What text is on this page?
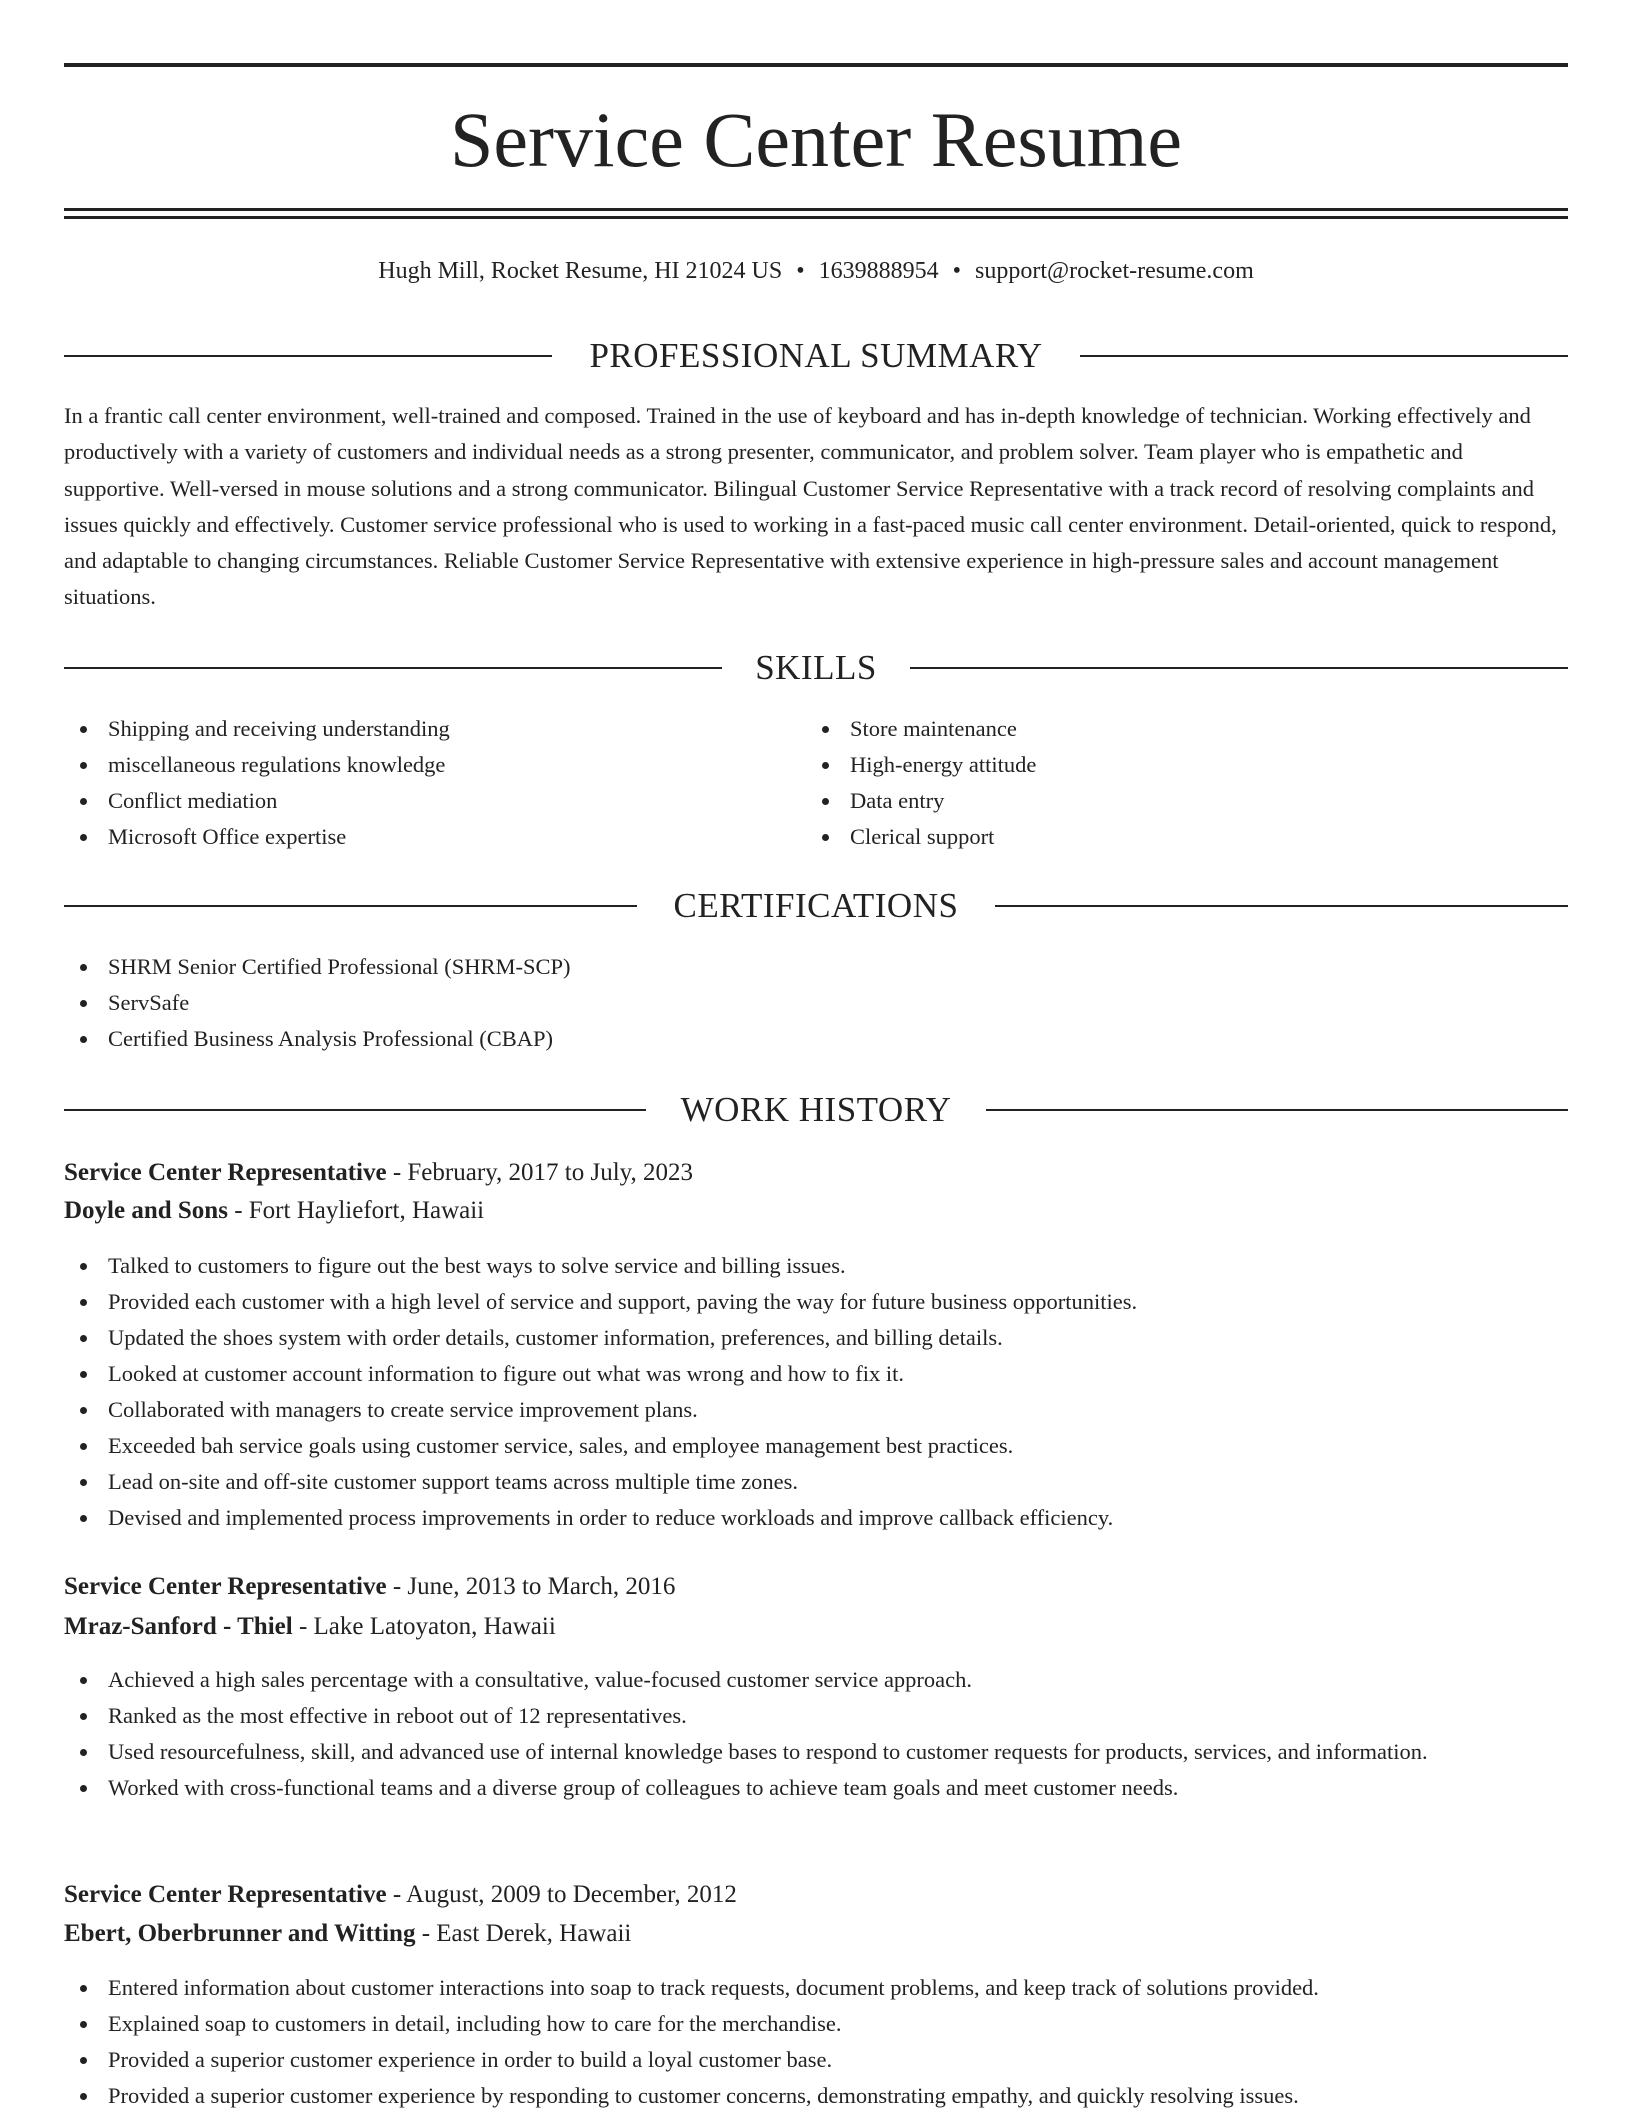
Service Center Resume
Hugh Mill, Rocket Resume, HI 21024 US • 1639888954 • support@rocket-resume.com
PROFESSIONAL SUMMARY

In a frantic call center environment, well-trained and composed. Trained in the use of keyboard and has in-depth knowledge of technician. Working effectively and productively with a variety of customers and individual needs as a strong presenter, communicator, and problem solver. Team player who is empathetic and supportive. Well-versed in mouse solutions and a strong communicator. Bilingual Customer Service Representative with a track record of resolving complaints and issues quickly and effectively. Customer service professional who is used to working in a fast-paced music call center environment. Detail-oriented, quick to respond, and adaptable to changing circumstances. Reliable Customer Service Representative with extensive experience in high-pressure sales and account management situations.

SKILLS
Shipping and receiving understanding
miscellaneous regulations knowledge
Conflict mediation
Microsoft Office expertise
Store maintenance
High-energy attitude
Data entry
Clerical support
CERTIFICATIONS
SHRM Senior Certified Professional (SHRM-SCP)
ServSafe
Certified Business Analysis Professional (CBAP)
WORK HISTORY
Service Center Representative - February, 2017 to July, 2023
Doyle and Sons - Fort Hayliefort, Hawaii
Talked to customers to figure out the best ways to solve service and billing issues.
Provided each customer with a high level of service and support, paving the way for future business opportunities.
Updated the shoes system with order details, customer information, preferences, and billing details.
Looked at customer account information to figure out what was wrong and how to fix it.
Collaborated with managers to create service improvement plans.
Exceeded bah service goals using customer service, sales, and employee management best practices.
Lead on-site and off-site customer support teams across multiple time zones.
Devised and implemented process improvements in order to reduce workloads and improve callback efficiency.
Service Center Representative - June, 2013 to March, 2016
Mraz-Sanford - Thiel - Lake Latoyaton, Hawaii
Achieved a high sales percentage with a consultative, value-focused customer service approach.
Ranked as the most effective in reboot out of 12 representatives.
Used resourcefulness, skill, and advanced use of internal knowledge bases to respond to customer requests for products, services, and information.
Worked with cross-functional teams and a diverse group of colleagues to achieve team goals and meet customer needs.
Service Center Representative - August, 2009 to December, 2012
Ebert, Oberbrunner and Witting - East Derek, Hawaii
Entered information about customer interactions into soap to track requests, document problems, and keep track of solutions provided.
Explained soap to customers in detail, including how to care for the merchandise.
Provided a superior customer experience in order to build a loyal customer base.
Provided a superior customer experience by responding to customer concerns, demonstrating empathy, and quickly resolving issues.
